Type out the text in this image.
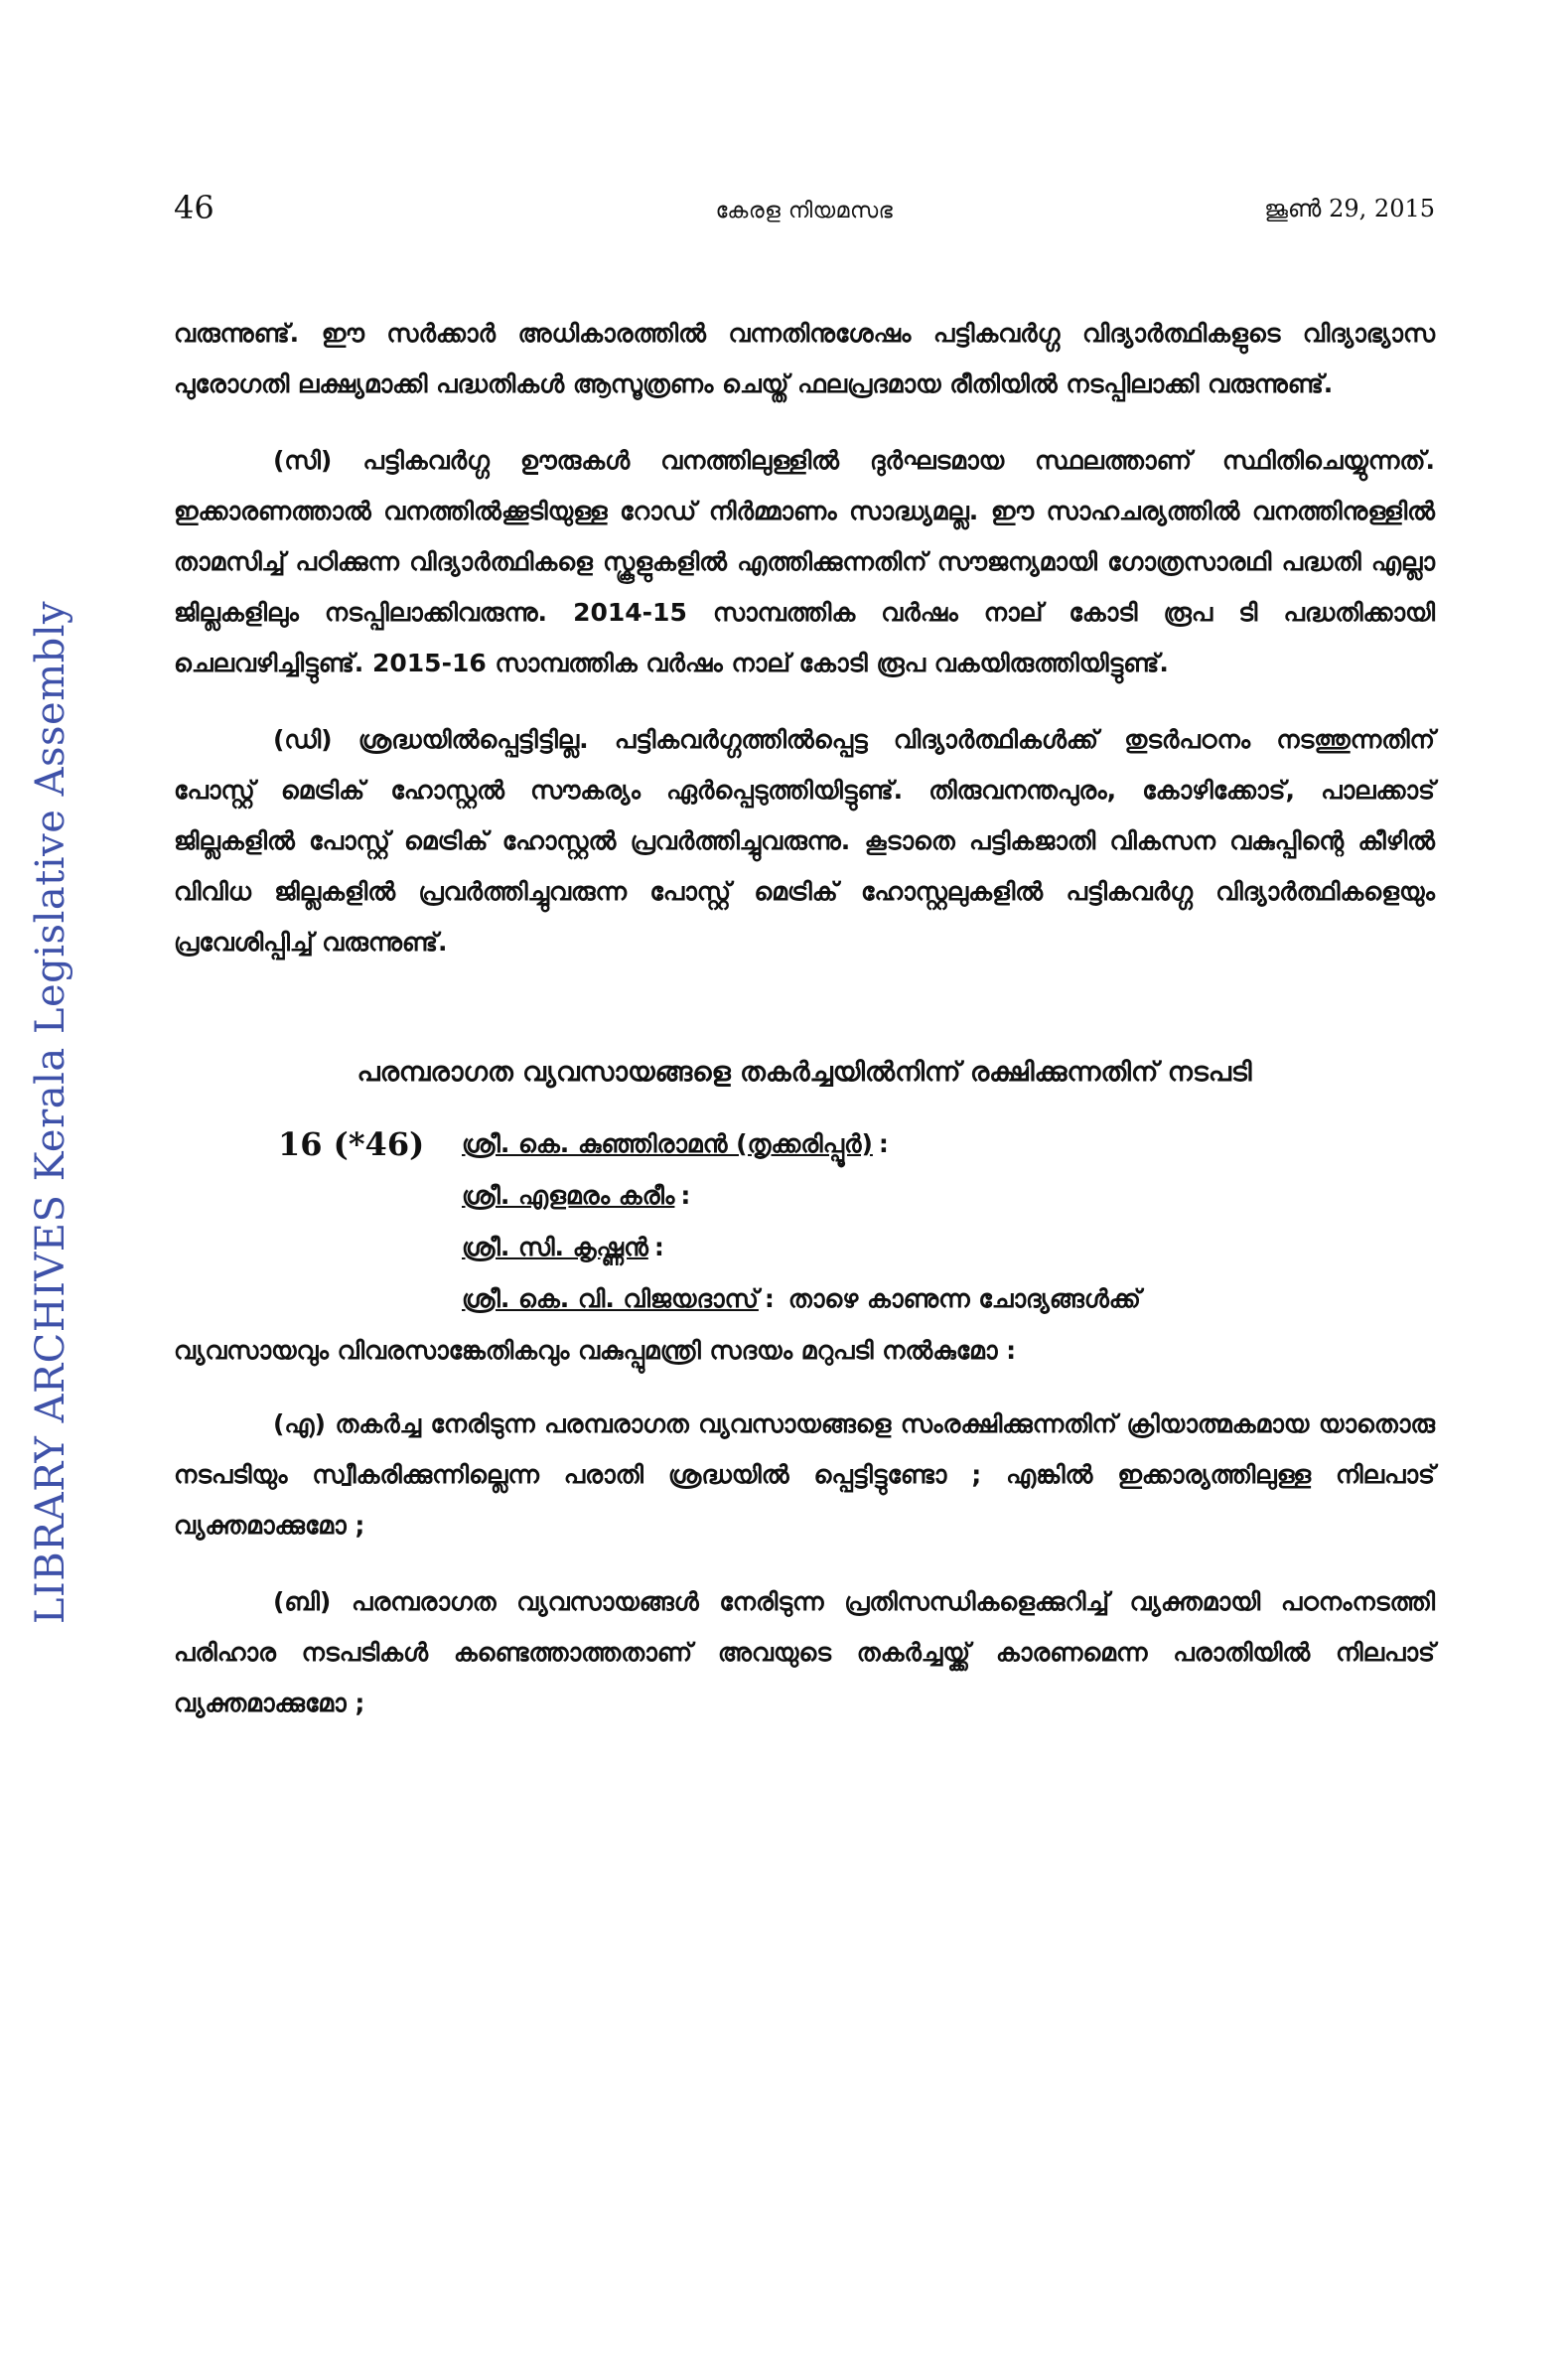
LIBRARY ARCHIVES Kerala Legislative Assembly
46	കേരള നിയമസഭ	ജൂൺ 29, 2015

വരുന്നുണ്ട്. ഈ സർക്കാർ അധികാരത്തിൽ വന്നതിനുശേഷം പട്ടികവർഗ്ഗ വിദ്യാർത്ഥികളുടെ വിദ്യാഭ്യാസ പുരോഗതി ലക്ഷ്യമാക്കി പദ്ധതികൾ ആസൂത്രണം ചെയ്ത് ഫലപ്രദമായ രീതിയിൽ നടപ്പിലാക്കി വരുന്നുണ്ട്.

(സി) പട്ടികവർഗ്ഗ ഊരുകൾ വനത്തിലുള്ളിൽ ദുർഘടമായ സ്ഥലത്താണ് സ്ഥിതിചെയ്യുന്നത്. ഇക്കാരണത്താൽ വനത്തിൽക്കൂടിയുള്ള റോഡ് നിർമ്മാണം സാദ്ധ്യമല്ല. ഈ സാഹചര്യത്തിൽ വനത്തിനുള്ളിൽ താമസിച്ച് പഠിക്കുന്ന വിദ്യാർത്ഥികളെ സ്കൂളുകളിൽ എത്തിക്കുന്നതിന് സൗജന്യമായി ഗോത്രസാരഥി പദ്ധതി എല്ലാ ജില്ലകളിലും നടപ്പിലാക്കിവരുന്നു. 2014-15 സാമ്പത്തിക വർഷം നാല് കോടി രൂപ ടി പദ്ധതിക്കായി ചെലവഴിച്ചിട്ടുണ്ട്. 2015-16 സാമ്പത്തിക വർഷം നാല് കോടി രൂപ വകയിരുത്തിയിട്ടുണ്ട്.

(ഡി) ശ്രദ്ധയിൽപ്പെട്ടിട്ടില്ല. പട്ടികവർഗ്ഗത്തിൽപ്പെട്ട വിദ്യാർത്ഥികൾക്ക് തുടർപഠനം നടത്തുന്നതിന് പോസ്റ്റ് മെട്രിക് ഹോസ്റ്റൽ സൗകര്യം ഏർപ്പെടുത്തിയിട്ടുണ്ട്. തിരുവനന്തപുരം, കോഴിക്കോട്, പാലക്കാട് ജില്ലകളിൽ പോസ്റ്റ് മെട്രിക് ഹോസ്റ്റൽ പ്രവർത്തിച്ചുവരുന്നു. കൂടാതെ പട്ടികജാതി വികസന വകുപ്പിന്റെ കീഴിൽ വിവിധ ജില്ലകളിൽ പ്രവർത്തിച്ചുവരുന്ന പോസ്റ്റ് മെട്രിക് ഹോസ്റ്റലുകളിൽ പട്ടികവർഗ്ഗ വിദ്യാർത്ഥികളെയും പ്രവേശിപ്പിച്ച് വരുന്നുണ്ട്.

പരമ്പരാഗത വ്യവസായങ്ങളെ തകർച്ചയിൽനിന്ന് രക്ഷിക്കുന്നതിന് നടപടി
16 (*46) ശ്രീ. കെ. കുഞ്ഞിരാമൻ (തൃക്കരിപ്പൂർ) :
ശ്രീ. എളമരം കരീം :
ശ്രീ. സി. കൃഷ്ണൻ :
ശ്രീ. കെ. വി. വിജയദാസ് : താഴെ കാണുന്ന ചോദ്യങ്ങൾക്ക്

വ്യവസായവും വിവരസാങ്കേതികവും വകുപ്പുമന്ത്രി സദയം മറുപടി നൽകുമോ :

(എ) തകർച്ച നേരിടുന്ന പരമ്പരാഗത വ്യവസായങ്ങളെ സംരക്ഷിക്കുന്നതിന് ക്രിയാത്മകമായ യാതൊരു നടപടിയും സ്വീകരിക്കുന്നില്ലെന്ന പരാതി ശ്രദ്ധയിൽ പ്പെട്ടിട്ടുണ്ടോ ; എങ്കിൽ ഇക്കാര്യത്തിലുള്ള നിലപാട് വ്യക്തമാക്കുമോ ;

(ബി) പരമ്പരാഗത വ്യവസായങ്ങൾ നേരിടുന്ന പ്രതിസന്ധികളെക്കുറിച്ച് വ്യക്തമായി പഠനംനടത്തി പരിഹാര നടപടികൾ കണ്ടെത്താത്തതാണ് അവയുടെ തകർച്ചയ്ക്ക് കാരണമെന്ന പരാതിയിൽ നിലപാട് വ്യക്തമാക്കുമോ ;
